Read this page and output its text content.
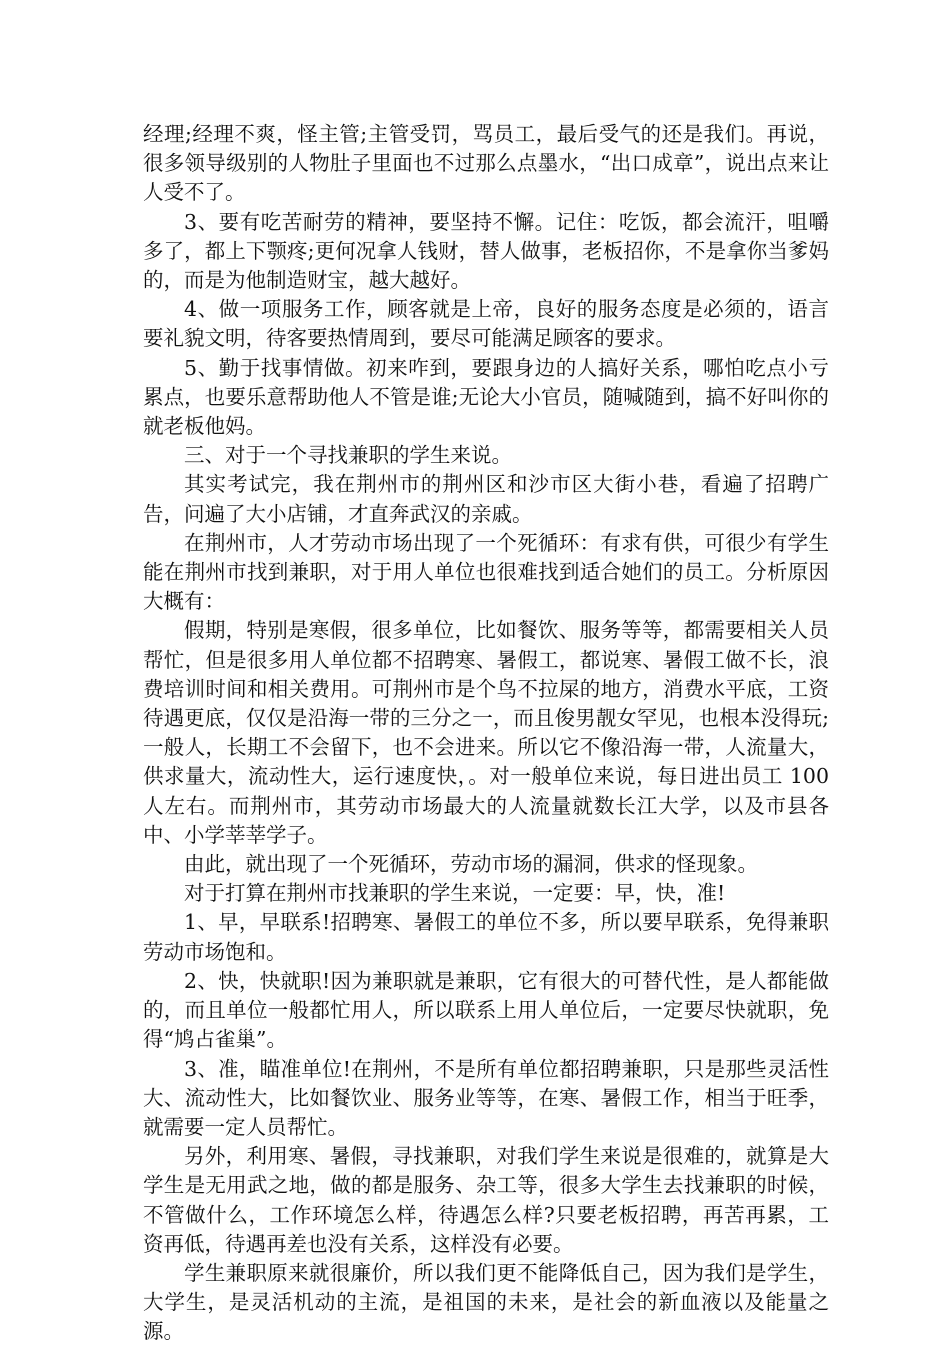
经理;经理不爽，怪主管;主管受罚，骂员工，最后受气的还是我们。再说，很多领导级别的人物肚子里面也不过那么点墨水，“出口成章”，说出点来让人受不了。

3、要有吃苦耐劳的精神，要坚持不懈。记住：吃饭，都会流汗，咀嚼多了，都上下颚疼;更何况拿人钱财，替人做事，老板招你，不是拿你当爹妈的，而是为他制造财宝，越大越好。

4、做一项服务工作，顾客就是上帝，良好的服务态度是必须的，语言要礼貌文明，待客要热情周到，要尽可能满足顾客的要求。

5、勤于找事情做。初来咋到，要跟身边的人搞好关系，哪怕吃点小亏累点，也要乐意帮助他人不管是谁;无论大小官员，随喊随到，搞不好叫你的就老板他妈。

三、对于一个寻找兼职的学生来说。

其实考试完，我在荆州市的荆州区和沙市区大街小巷，看遍了招聘广告，问遍了大小店铺，才直奔武汉的亲戚。

在荆州市，人才劳动市场出现了一个死循环：有求有供，可很少有学生能在荆州市找到兼职，对于用人单位也很难找到适合她们的员工。分析原因大概有：

假期，特别是寒假，很多单位，比如餐饮、服务等等，都需要相关人员帮忙，但是很多用人单位都不招聘寒、暑假工，都说寒、暑假工做不长，浪费培训时间和相关费用。可荆州市是个鸟不拉屎的地方，消费水平底，工资待遇更底，仅仅是沿海一带的三分之一，而且俊男靓女罕见，也根本没得玩;一般人，长期工不会留下，也不会进来。所以它不像沿海一带，人流量大，供求量大，流动性大，运行速度快，。对一般单位来说，每日进出员工 100 人左右。而荆州市，其劳动市场最大的人流量就数长江大学，以及市县各中、小学莘莘学子。

由此，就出现了一个死循环，劳动市场的漏洞，供求的怪现象。

对于打算在荆州市找兼职的学生来说，一定要：早，快，准!

1、早，早联系!招聘寒、暑假工的单位不多，所以要早联系，免得兼职劳动市场饱和。

2、快，快就职!因为兼职就是兼职，它有很大的可替代性，是人都能做的，而且单位一般都忙用人，所以联系上用人单位后，一定要尽快就职，免得“鸠占雀巢”。

3、准，瞄准单位!在荆州，不是所有单位都招聘兼职，只是那些灵活性大、流动性大，比如餐饮业、服务业等等，在寒、暑假工作，相当于旺季，就需要一定人员帮忙。

另外，利用寒、暑假，寻找兼职，对我们学生来说是很难的，就算是大学生是无用武之地，做的都是服务、杂工等，很多大学生去找兼职的时候，不管做什么，工作环境怎么样，待遇怎么样?只要老板招聘，再苦再累，工资再低，待遇再差也没有关系，这样没有必要。

学生兼职原来就很廉价，所以我们更不能降低自己，因为我们是学生，大学生，是灵活机动的主流，是祖国的未来，是社会的新血液以及能量之源。
